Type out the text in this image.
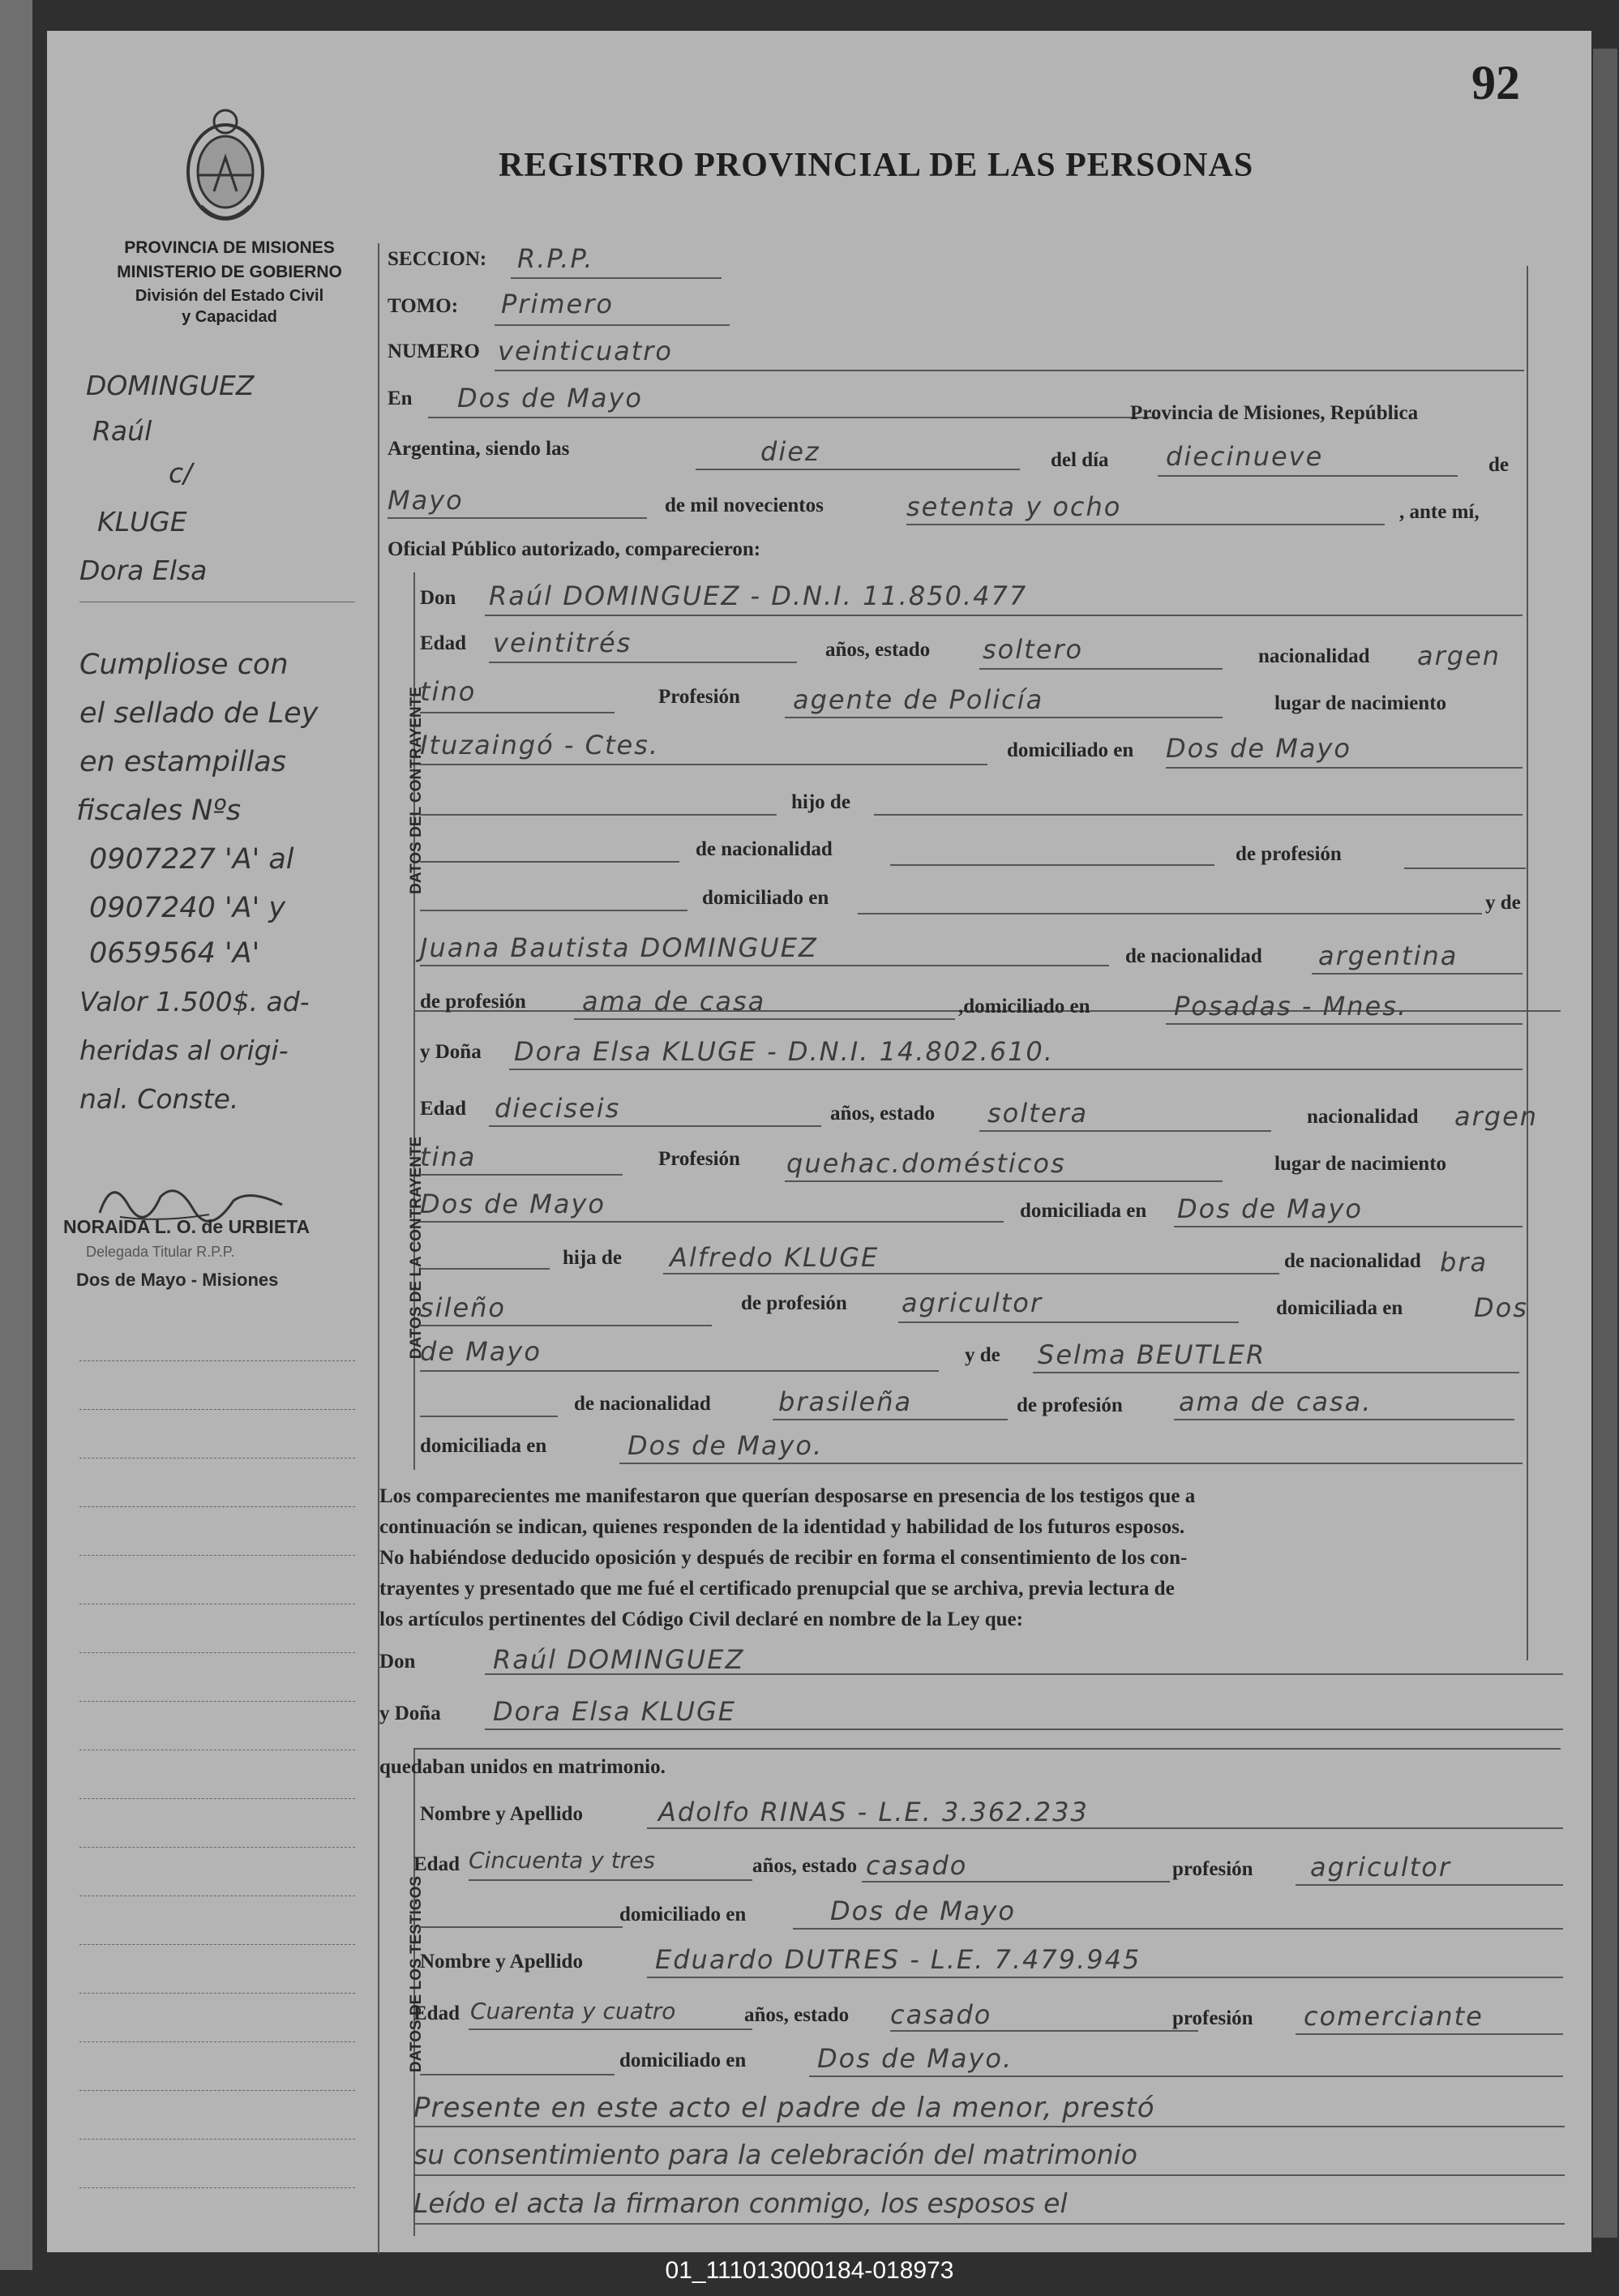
92
REGISTRO PROVINCIAL DE LAS PERSONAS
PROVINCIA DE MISIONES
MINISTERIO DE GOBIERNO
División del Estado Civil
y Capacidad
DATOS DEL CONTRAYENTE
DATOS DE LA CONTRAYENTE
DATOS DE LOS TESTIGOS
DOMINGUEZ
Raúl
c/
KLUGE
Dora Elsa
Cumpliose con
el sellado de Ley
en estampillas
fiscales Nºs
0907227 'A' al
0907240 'A' y
0659564 'A'
Valor 1.500$. ad-
heridas al origi-
nal. Conste.
NORAIDA L. O. de URBIETA
Delegada Titular R.P.P.
Dos de Mayo - Misiones
SECCION: R.P.P.
TOMO: Primero
NUMERO veinticuatro
En Dos de Mayo	Provincia de Misiones, República
Argentina, siendo las	diez	del día diecinueve	de
Mayo	de mil novecientos	setenta y ocho	, ante mí,
Oficial Público autorizado, comparecieron:
Don Raúl DOMINGUEZ - D.N.I. 11.850.477
Edad veintitrés	años, estado soltero	nacionalidad argen
tino	Profesión agente de Policía	lugar de nacimiento
Ituzaingó - Ctes.	domiciliado en Dos de Mayo
hijo de
de nacionalidad	de profesión
domiciliado en	y de
Juana Bautista DOMINGUEZ	de nacionalidad argentina
de profesión ama de casa	,domiciliado en	Posadas - Mnes.
y Doña Dora Elsa KLUGE - D.N.I. 14.802.610.
Edad dieciseis	años, estado soltera	nacionalidad argen
tina	Profesión quehac.domésticos	lugar de nacimiento
Dos de Mayo	domiciliada en Dos de Mayo
hija de Alfredo KLUGE	de nacionalidad bra
sileño	de profesión agricultor	domiciliada en	Dos
de Mayo	y de Selma BEUTLER
de nacionalidad	brasileña	de profesión ama de casa.
domiciliada en	Dos de Mayo.
Los comparecientes me manifestaron que querían desposarse en presencia de los testigos que a
continuación se indican, quienes responden de la identidad y habilidad de los futuros esposos.
No habiéndose deducido oposición y después de recibir en forma el consentimiento de los con-
trayentes y presentado que me fué el certificado prenupcial que se archiva, previa lectura de
los artículos pertinentes del Código Civil declaré en nombre de la Ley que:
Don	Raúl DOMINGUEZ
y Doña Dora Elsa KLUGE
quedaban unidos en matrimonio.
Nombre y Apellido	Adolfo RINAS - L.E. 3.362.233
Edad Cincuenta y tres	años, estado casado	profesión agricultor
domiciliado en	Dos de Mayo
Nombre y Apellido	Eduardo DUTRES - L.E. 7.479.945
Edad Cuarenta y cuatro	años, estado casado	profesión comerciante
domiciliado en	Dos de Mayo.
Presente en este acto el padre de la menor, prestó
su consentimiento para la celebración del matrimonio
Leído el acta la firmaron conmigo, los esposos el
01_111013000184-018973
